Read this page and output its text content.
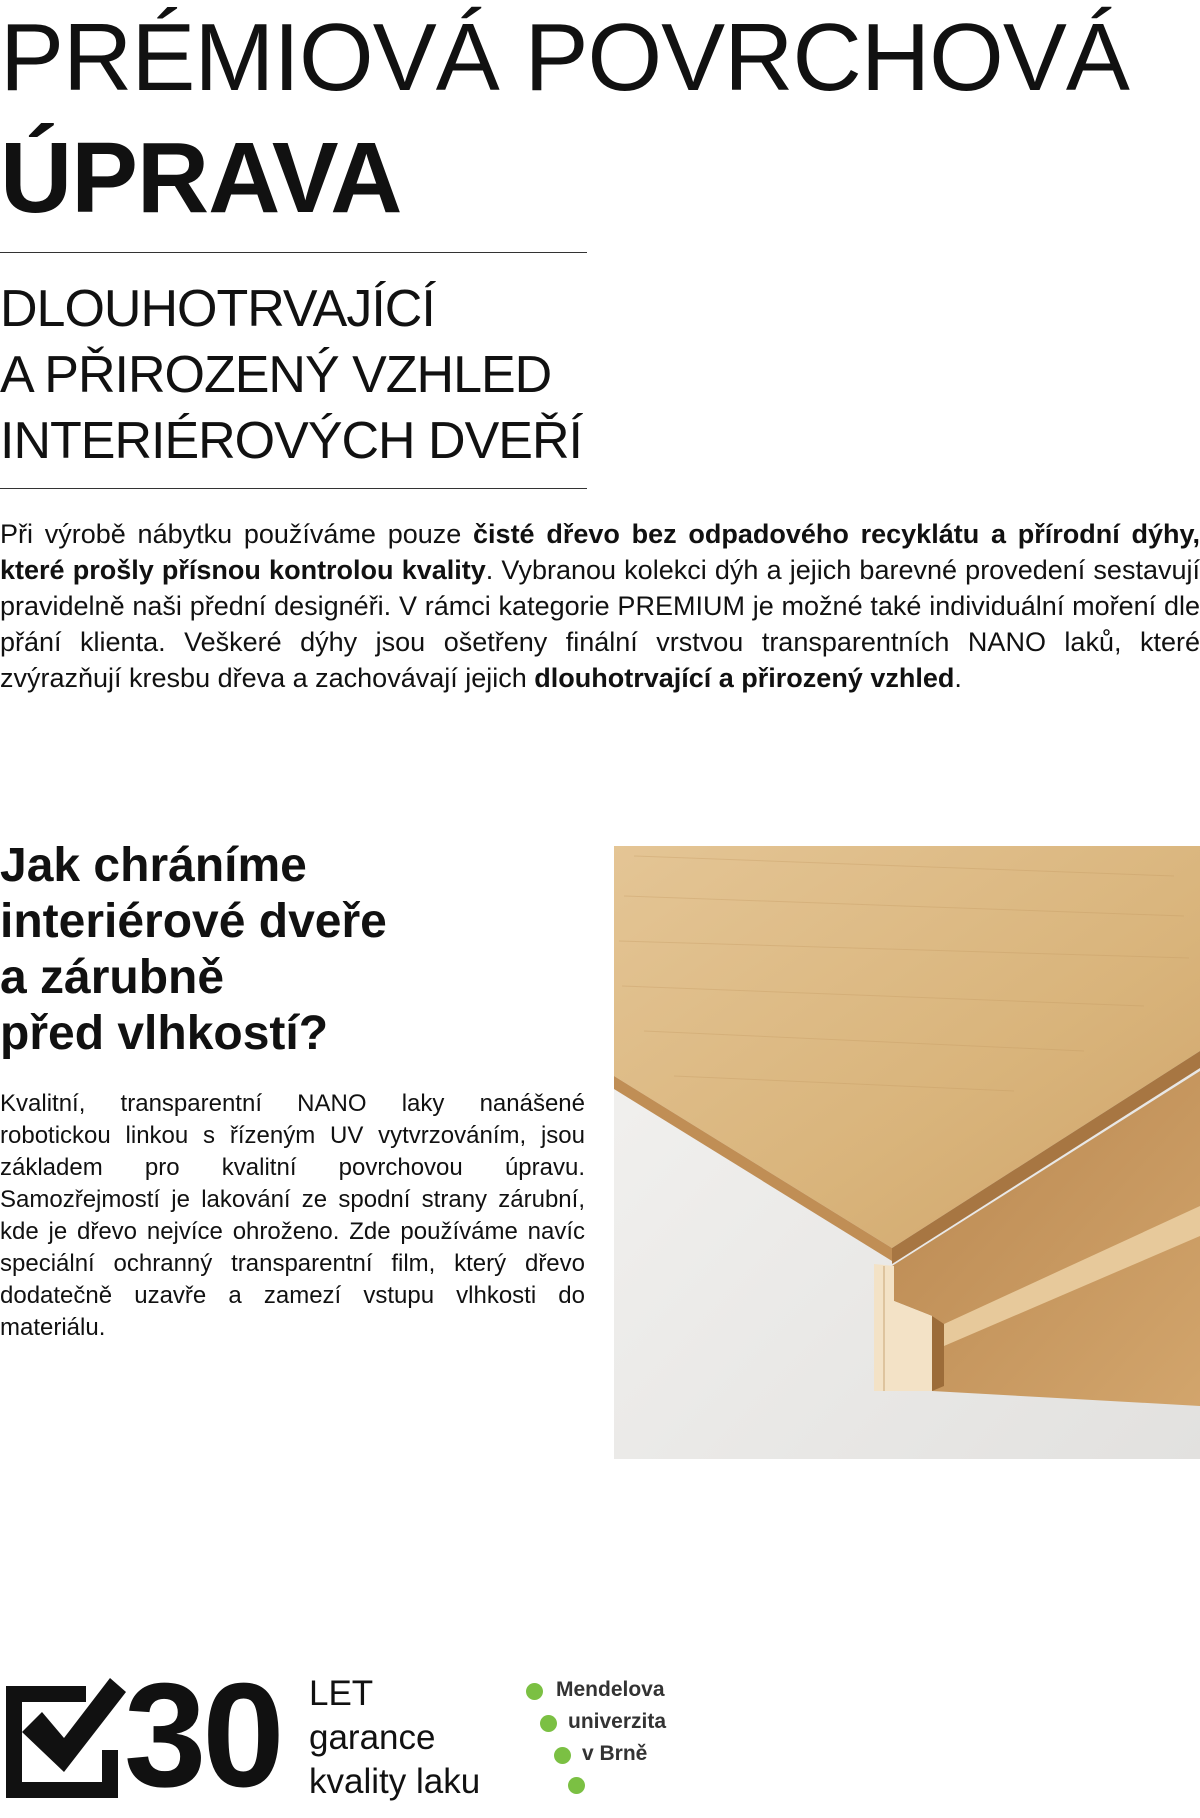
PRÉMIOVÁ POVRCHOVÁ
ÚPRAVA
DLOUHOTRVAJÍCÍ
A PŘIROZENÝ VZHLED
INTERIÉROVÝCH DVEŘÍ

Při výrobě nábytku používáme pouze čisté dřevo bez odpadového recyklátu a přírodní dýhy, které prošly přísnou kontrolou kvality. Vybranou kolekci dýh a jejich barevné provedení sestavují pravidelně naši přední designéři. V rámci kategorie PREMIUM je možné také individuální moření dle přání klienta. Veškeré dýhy jsou ošetřeny finální vrstvou transparentních NANO laků, které zvýrazňují kresbu dřeva a zachovávají jejich dlouhotrvající a přirozený vzhled.

Jak chráníme
interiérové dveře
a zárubně
před vlhkostí?

Kvalitní, transparentní NANO laky nanášené robotickou linkou s řízeným UV vytvrzováním, jsou základem pro kvalitní povrchovou úpravu. Samozřejmostí je lakování ze spodní strany zárubní, kde je dřevo nejvíce ohroženo. Zde používáme navíc speciální ochranný transparentní film, který dřevo dodatečně uzavře a zamezí vstupu vlhkosti do materiálu.

30 LET
garance
kvality laku
Mendelova
univerzita
v Brně
